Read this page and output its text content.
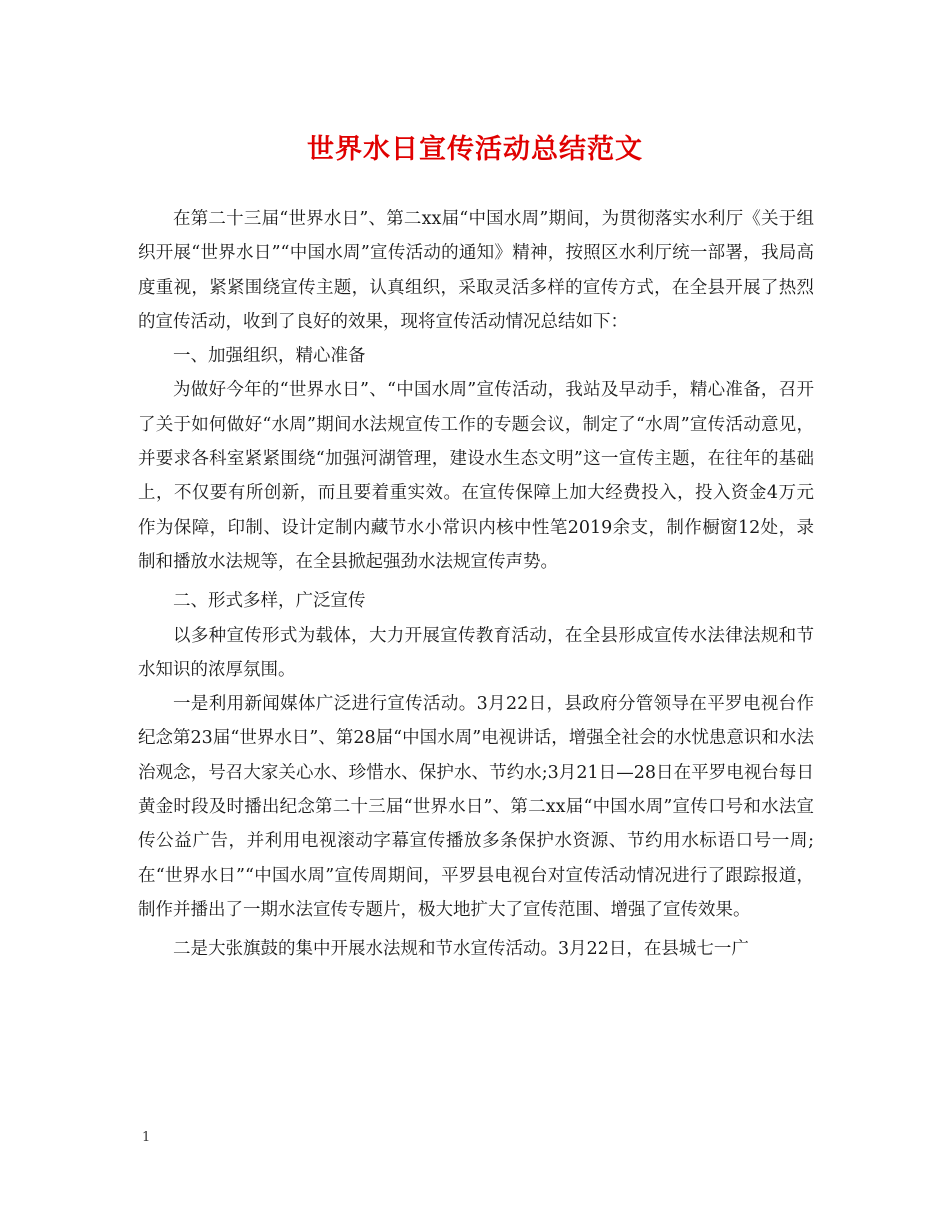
世界水日宣传活动总结范文

在第二十三届“世界水日”、第二xx届“中国水周”期间，为贯彻落实水利厅《关于组织开展“世界水日”“中国水周”宣传活动的通知》精神，按照区水利厅统一部署，我局高度重视，紧紧围绕宣传主题，认真组织，采取灵活多样的宣传方式，在全县开展了热烈的宣传活动，收到了良好的效果，现将宣传活动情况总结如下：

一、加强组织，精心准备

为做好今年的“世界水日”、“中国水周”宣传活动，我站及早动手，精心准备，召开了关于如何做好“水周”期间水法规宣传工作的专题会议，制定了“水周”宣传活动意见，并要求各科室紧紧围绕“加强河湖管理，建设水生态文明”这一宣传主题，在往年的基础上，不仅要有所创新，而且要着重实效。在宣传保障上加大经费投入，投入资金4万元作为保障，印制、设计定制内藏节水小常识内核中性笔2019余支，制作橱窗12处，录制和播放水法规等，在全县掀起强劲水法规宣传声势。

二、形式多样，广泛宣传

以多种宣传形式为载体，大力开展宣传教育活动，在全县形成宣传水法律法规和节水知识的浓厚氛围。

一是利用新闻媒体广泛进行宣传活动。3月22日，县政府分管领导在平罗电视台作纪念第23届“世界水日”、第28届“中国水周”电视讲话，增强全社会的水忧患意识和水法治观念，号召大家关心水、珍惜水、保护水、节约水;3月21日—28日在平罗电视台每日黄金时段及时播出纪念第二十三届“世界水日”、第二xx届“中国水周”宣传口号和水法宣传公益广告，并利用电视滚动字幕宣传播放多条保护水资源、节约用水标语口号一周;在“世界水日”“中国水周”宣传周期间，平罗县电视台对宣传活动情况进行了跟踪报道，制作并播出了一期水法宣传专题片，极大地扩大了宣传范围、增强了宣传效果。

二是大张旗鼓的集中开展水法规和节水宣传活动。3月22日，在县城七一广

1
